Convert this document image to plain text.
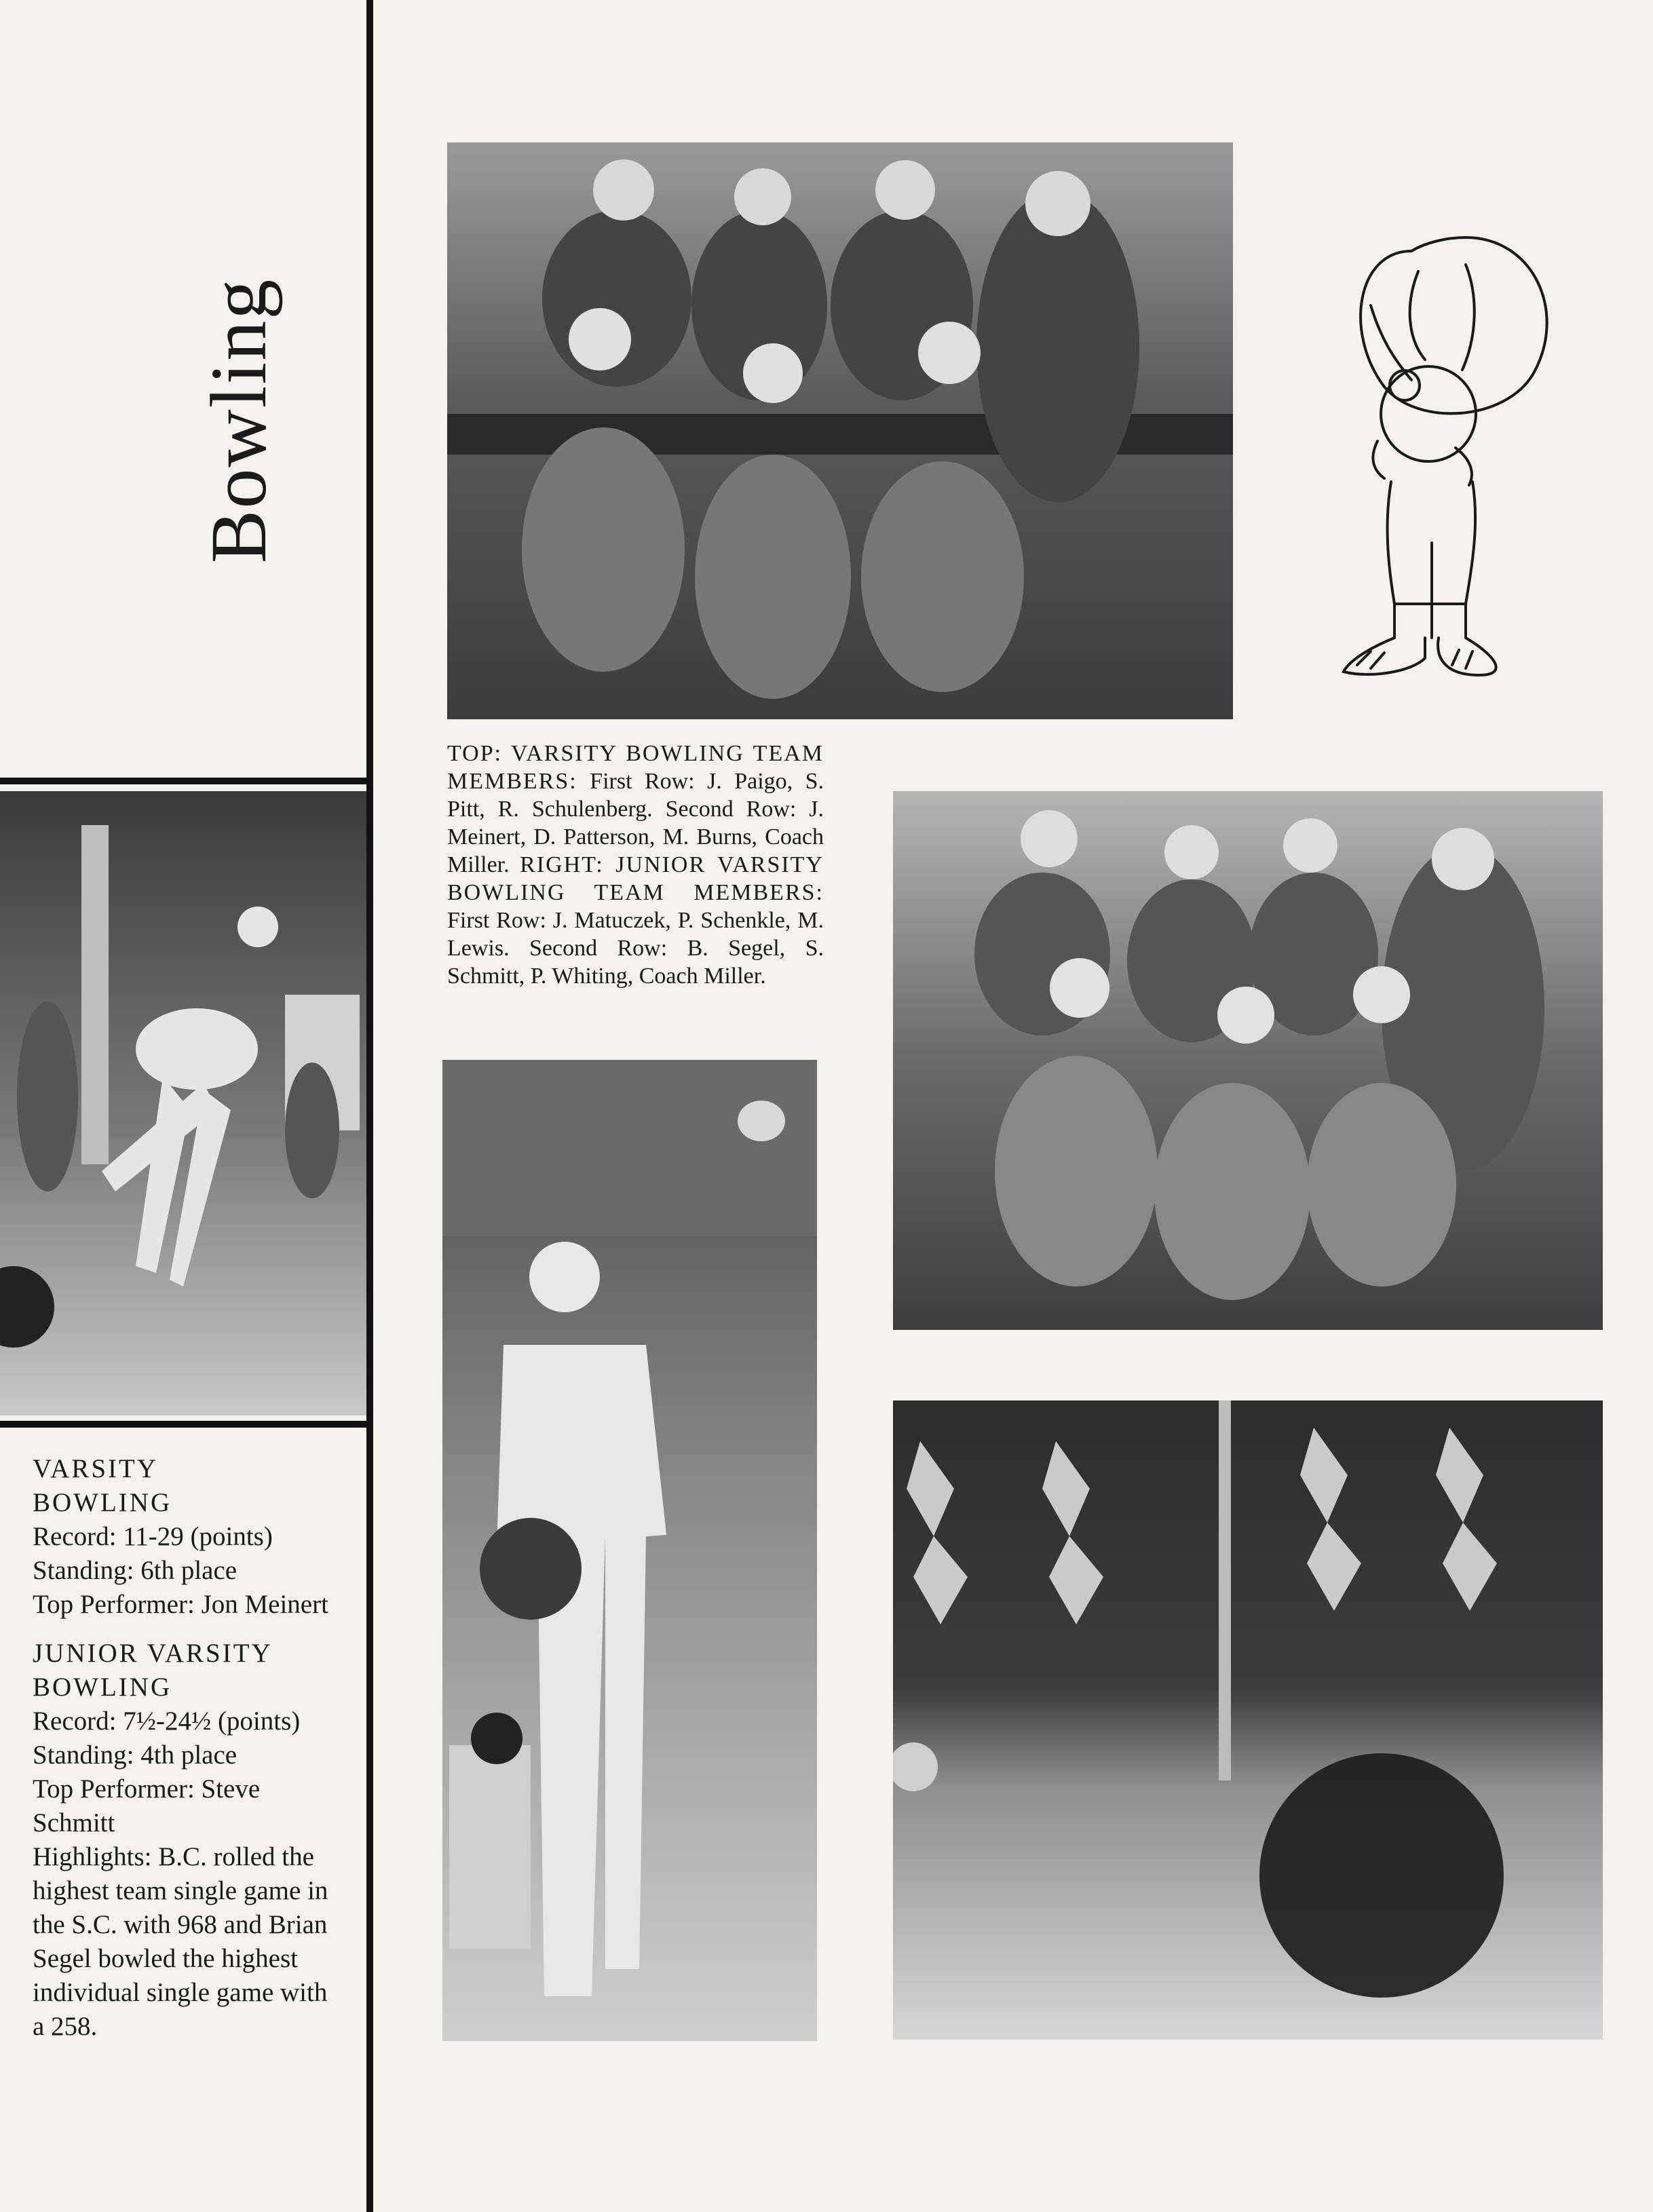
Bowling
TOP: VARSITY BOWLING TEAM MEMBERS: First Row: J. Paigo, S. Pitt, R. Schulenberg. Second Row: J. Meinert, D. Patterson, M. Burns, Coach Miller. RIGHT: JUNIOR VARSITY BOWLING TEAM MEMBERS: First Row: J. Matuczek, P. Schenkle, M. Lewis. Second Row: B. Segel, S. Schmitt, P. Whiting, Coach Miller.
VARSITY
BOWLING
Record: 11-29 (points)
Standing: 6th place
Top Performer: Jon Meinert
JUNIOR VARSITY
BOWLING
Record: 7½-24½ (points)
Standing: 4th place
Top Performer: Steve Schmitt
Highlights: B.C. rolled the highest team single game in the S.C. with 968 and Brian Segel bowled the highest individual single game with a 258.
